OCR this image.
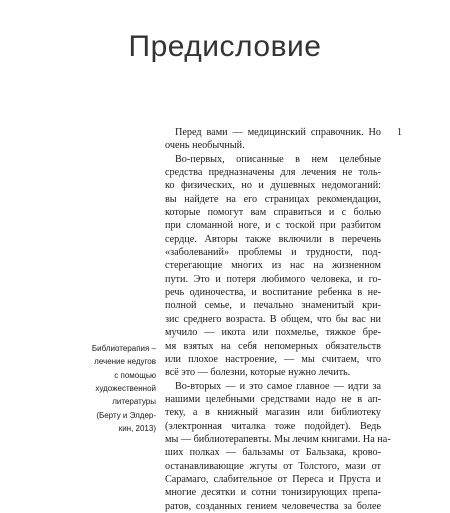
Предисловие
1
Перед вами — медицинский справочник. Но
очень необычный.
Во-первых, описанные в нем целебные
средства предназначены для лечения не толь-
ко физических, но и душевных недомоганий:
вы найдете на его страницах рекомендации,
которые помогут вам справиться и с болью
при сломанной ноге, и с тоской при разбитом
сердце. Авторы также включили в перечень
«заболеваний» проблемы и трудности, под-
стерегающие многих из нас на жизненном
пути. Это и потеря любимого человека, и го-
речь одиночества, и воспитание ребенка в не-
полной семье, и печально знаменитый кри-
зис среднего возраста. В общем, что бы вас ни
мучило — икота или похмелье, тяжкое бре-
мя взятых на себя непомерных обязательств
или плохое настроение, — мы считаем, что
всё это — болезни, которые нужно лечить.
Во-вторых — и это самое главное — идти за
нашими целебными средствами надо не в ап-
теку, а в книжный магазин или библиотеку
(электронная читалка тоже подойдет). Ведь
мы — библиотерапевты. Мы лечим книгами. На на-
ших полках — бальзамы от Бальзака, крово-
останавливающие жгуты от Толстого, мази от
Сарамаго, слабительное от Переса и Пруста и
многие десятки и сотни тонизирующих препа-
ратов, созданных гением человечества за более
Библиотерапия –
лечение недугов
с помощью
художественной
литературы
(Берту и Элдер-
кин, 2013)
